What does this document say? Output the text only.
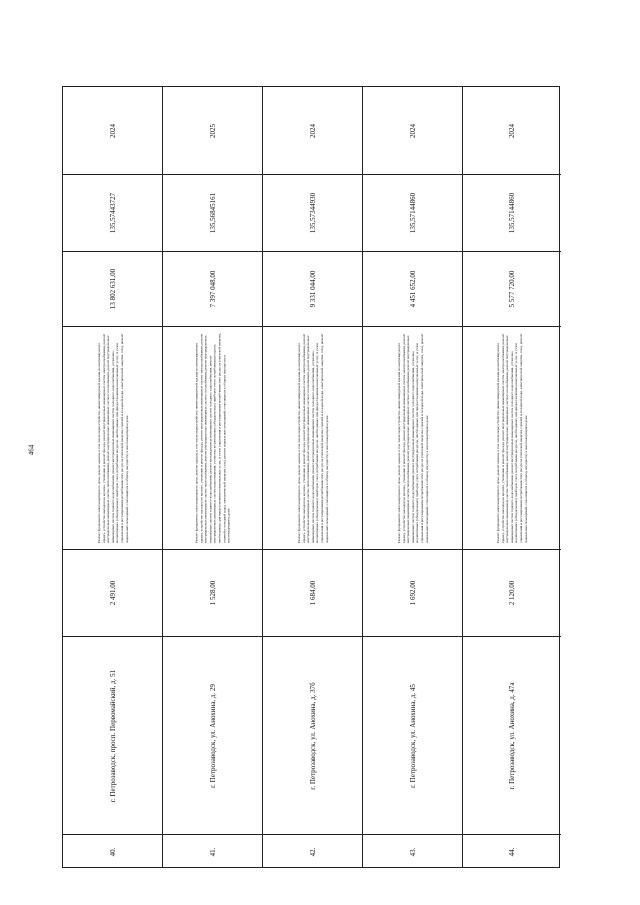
464
2024
135,57443727
13 802 631,00
Ремонт фундамента многоквартирного дома, ремонт крыши, в том числе переустройство невентилируемой крыши на вентилируемую крышу, устройство выходов на кровлю, утепление и ремонт фасада, ремонт внутридомовых инженерных систем электроснабжения, ремонт внутридомовых инженерных систем теплоснабжения, ремонт внутридомовых инженерных систем газоснабжения, ремонт внутридомовых инженерных систем горячего водоснабжения, ремонт внутридомовых инженерных систем холодного водоснабжения, установка коллективных (общедомовых) приборов учета потребления ресурсов, необходимых для предоставления коммунальных услуг, и узлов управления и регулирования потребления этих ресурсов (тепловой энергии, горячей и холодной воды, электрической энергии, газа), ремонт подвальных помещений, относящихся к общему имуществу в многоквартирном доме
2 491,00
г. Петрозаводск, просп. Первомайский, д. 51
40.
2025
135,56845161
7 397 048,00
Ремонт фундамента многоквартирного дома, ремонт крыши, в том числе переустройство невентилируемой крыши на вентилируемую крышу, устройство выходов на кровлю, утепление и ремонт фасада, ремонт внутридомовых инженерных систем электроснабжения, ремонт внутридомовых инженерных систем теплоснабжения, ремонт внутридомовых инженерных систем газоснабжения, ремонт внутридомовых инженерных систем горячего водоснабжения, ремонт внутридомовых инженерных систем холодного водоснабжения, ремонт внутридомовых инженерных систем водоотведения, установка коллективных (общедомовых) приборов учета потребления ресурсов, необходимых для предоставления коммунальных услуг, и узлов управления и регулирования потребления этих ресурсов (тепловой энергии, горячей и холодной воды, электрической энергии, газа), ремонт подвальных помещений, относящихся к общему имуществу в многоквартирном доме
1 528,00
г. Петрозаводск, ул. Анохина, д. 29
41.
2024
135,57344930
9 331 044,00
Ремонт фундамента многоквартирного дома, ремонт крыши, в том числе переустройство невентилируемой крыши на вентилируемую крышу, устройство выходов на кровлю, утепление и ремонт фасада, ремонт внутридомовых инженерных систем электроснабжения, ремонт внутридомовых инженерных систем теплоснабжения, ремонт внутридомовых инженерных систем газоснабжения, ремонт внутридомовых инженерных систем горячего водоснабжения, ремонт внутридомовых инженерных систем холодного водоснабжения, установка коллективных (общедомовых) приборов учета потребления ресурсов, необходимых для предоставления коммунальных услуг, и узлов управления и регулирования потребления этих ресурсов (тепловой энергии, горячей и холодной воды, электрической энергии, газа), ремонт подвальных помещений, относящихся к общему имуществу в многоквартирном доме
1 684,00
г. Петрозаводск, ул. Анохина, д. 37б
42.
2024
135,57144860
4 451 652,00
Ремонт фундамента многоквартирного дома, ремонт крыши, в том числе переустройство невентилируемой крыши на вентилируемую крышу, устройство выходов на кровлю, утепление и ремонт фасада, ремонт внутридомовых инженерных систем электроснабжения, ремонт внутридомовых инженерных систем теплоснабжения, ремонт внутридомовых инженерных систем газоснабжения, ремонт внутридомовых инженерных систем горячего водоснабжения, ремонт внутридомовых инженерных систем холодного водоснабжения, установка коллективных (общедомовых) приборов учета потребления ресурсов, необходимых для предоставления коммунальных услуг, и узлов управления и регулирования потребления этих ресурсов (тепловой энергии, горячей и холодной воды, электрической энергии, газа), ремонт подвальных помещений, относящихся к общему имуществу в многоквартирном доме
1 692,00
г. Петрозаводск, ул. Анохина, д. 45
43.
2024
135,57144860
5 577 720,00
Ремонт фундамента многоквартирного дома, ремонт крыши, в том числе переустройство невентилируемой крыши на вентилируемую крышу, устройство выходов на кровлю, утепление и ремонт фасада, ремонт внутридомовых инженерных систем электроснабжения, ремонт внутридомовых инженерных систем теплоснабжения, ремонт внутридомовых инженерных систем газоснабжения, ремонт внутридомовых инженерных систем горячего водоснабжения, ремонт внутридомовых инженерных систем холодного водоснабжения, установка коллективных (общедомовых) приборов учета потребления ресурсов, необходимых для предоставления коммунальных услуг, и узлов управления и регулирования потребления этих ресурсов (тепловой энергии, горячей и холодной воды, электрической энергии, газа), ремонт подвальных помещений, относящихся к общему имуществу в многоквартирном доме
2 120,00
г. Петрозаводск, ул. Анохина, д. 47а
44.
